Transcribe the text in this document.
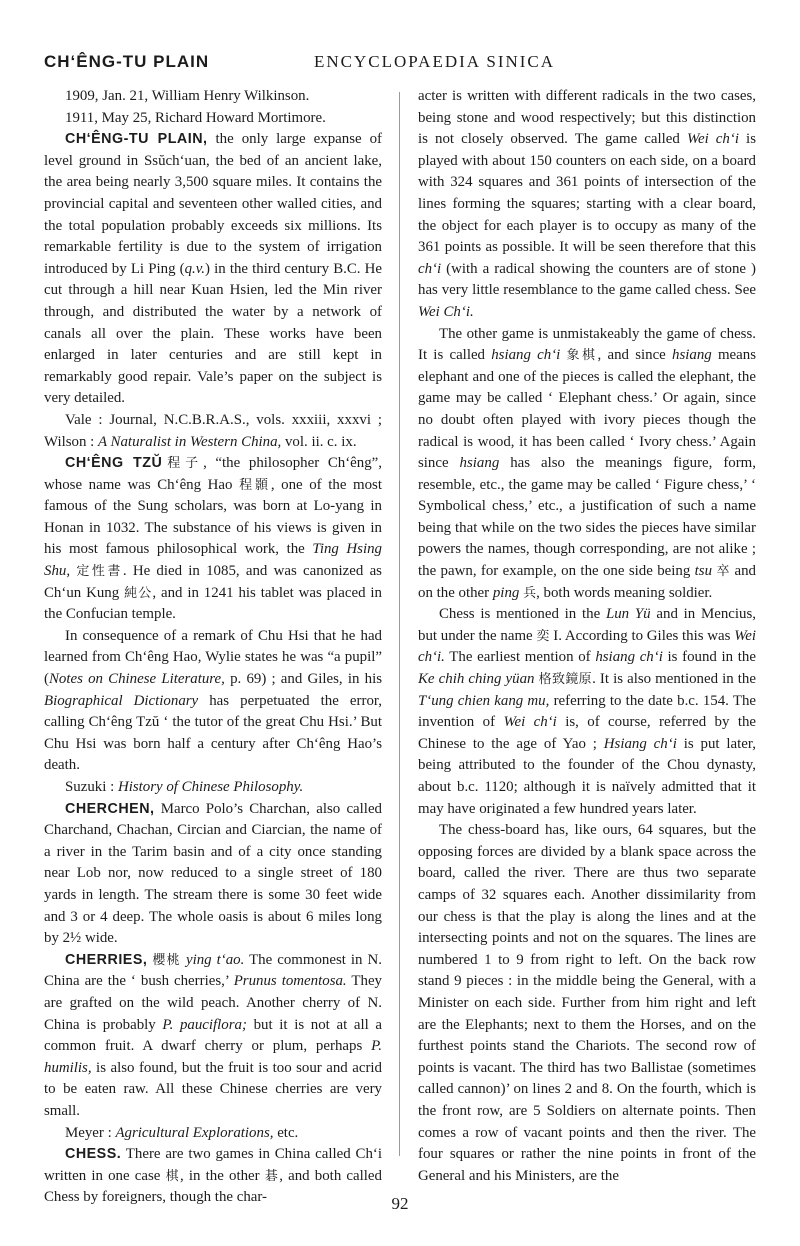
CH‘ÊNG-TU PLAIN	ENCYCLOPAEDIA SINICA

1909, Jan. 21, William Henry Wilkinson.

1911, May 25, Richard Howard Mortimore.

CH‘ÊNG-TU PLAIN, the only large expanse of level ground in Ssŭch‘uan, the bed of an ancient lake, the area being nearly 3,500 square miles. It contains the provincial capital and seventeen other walled cities, and the total population probably exceeds six millions. Its remarkable fertility is due to the system of irrigation introduced by Li Ping (q.v.) in the third century B.C. He cut through a hill near Kuan Hsien, led the Min river through, and distributed the water by a network of canals all over the plain. These works have been enlarged in later centuries and are still kept in remarkably good repair. Vale’s paper on the subject is very detailed.

Vale : Journal, N.C.B.R.A.S., vols. xxxiii, xxxvi ; Wilson : A Naturalist in Western China, vol. ii. c. ix.

CH‘ÊNG TZŬ程子, “the philosopher Ch‘êng”, whose name was Ch‘êng Hao 程顥, one of the most famous of the Sung scholars, was born at Lo-yang in Honan in 1032. The substance of his views is given in his most famous philosophical work, the Ting Hsing Shu, 定性書. He died in 1085, and was canonized as Ch‘un Kung 純公, and in 1241 his tablet was placed in the Confucian temple.

In consequence of a remark of Chu Hsi that he had learned from Ch‘êng Hao, Wylie states he was “a pupil” (Notes on Chinese Literature, p. 69) ; and Giles, in his Biographical Dictionary has perpetuated the error, calling Ch‘êng Tzŭ ‘ the tutor of the great Chu Hsi.’ But Chu Hsi was born half a century after Ch‘êng Hao’s death.

Suzuki : History of Chinese Philosophy.

CHERCHEN, Marco Polo’s Charchan, also called Charchand, Chachan, Circian and Ciarcian, the name of a river in the Tarim basin and of a city once standing near Lob nor, now reduced to a single street of 180 yards in length. The stream there is some 30 feet wide and 3 or 4 deep. The whole oasis is about 6 miles long by 2½ wide.

CHERRIES, 櫻桃 ying t‘ao. The commonest in N. China are the ‘ bush cherries,’ Prunus tomentosa. They are grafted on the wild peach. Another cherry of N. China is probably P. pauciflora; but it is not at all a common fruit. A dwarf cherry or plum, perhaps P. humilis, is also found, but the fruit is too sour and acrid to be eaten raw. All these Chinese cherries are very small.

Meyer : Agricultural Explorations, etc.

CHESS. There are two games in China called Ch‘i written in one case 棋, in the other 碁, and both called Chess by foreigners, though the char-

acter is written with different radicals in the two cases, being stone and wood respectively; but this distinction is not closely observed. The game called Wei ch‘i is played with about 150 counters on each side, on a board with 324 squares and 361 points of intersection of the lines forming the squares; starting with a clear board, the object for each player is to occupy as many of the 361 points as possible. It will be seen therefore that this ch‘i (with a radical showing the counters are of stone ) has very little resemblance to the game called chess. See Wei Ch‘i.

The other game is unmistakeably the game of chess. It is called hsiang ch‘i 象棋, and since hsiang means elephant and one of the pieces is called the elephant, the game may be called ‘ Elephant chess.’ Or again, since no doubt often played with ivory pieces though the radical is wood, it has been called ‘ Ivory chess.’ Again since hsiang has also the meanings figure, form, resemble, etc., the game may be called ‘ Figure chess,’ ‘ Symbolical chess,’ etc., a justification of such a name being that while on the two sides the pieces have similar powers the names, though corresponding, are not alike ; the pawn, for example, on the one side being tsu 卒 and on the other ping 兵, both words meaning soldier.

Chess is mentioned in the Lun Yü and in Mencius, but under the name 奕 I. According to Giles this was Wei ch‘i. The earliest mention of hsiang ch‘i is found in the Ke chih ching yüan 格致鏡原. It is also mentioned in the T‘ung chien kang mu, referring to the date b.c. 154. The invention of Wei ch‘i is, of course, referred by the Chinese to the age of Yao ; Hsiang ch‘i is put later, being attributed to the founder of the Chou dynasty, about b.c. 1120; although it is naïvely admitted that it may have originated a few hundred years later.

The chess-board has, like ours, 64 squares, but the opposing forces are divided by a blank space across the board, called the river. There are thus two separate camps of 32 squares each. Another dissimilarity from our chess is that the play is along the lines and at the intersecting points and not on the squares. The lines are numbered 1 to 9 from right to left. On the back row stand 9 pieces : in the middle being the General, with a Minister on each side. Further from him right and left are the Elephants; next to them the Horses, and on the furthest points stand the Chariots. The second row of points is vacant. The third has two Ballistae (sometimes called cannon)’ on lines 2 and 8. On the fourth, which is the front row, are 5 Soldiers on alternate points. Then comes a row of vacant points and then the river. The four squares or rather the nine points in front of the General and his Ministers, are the

92
